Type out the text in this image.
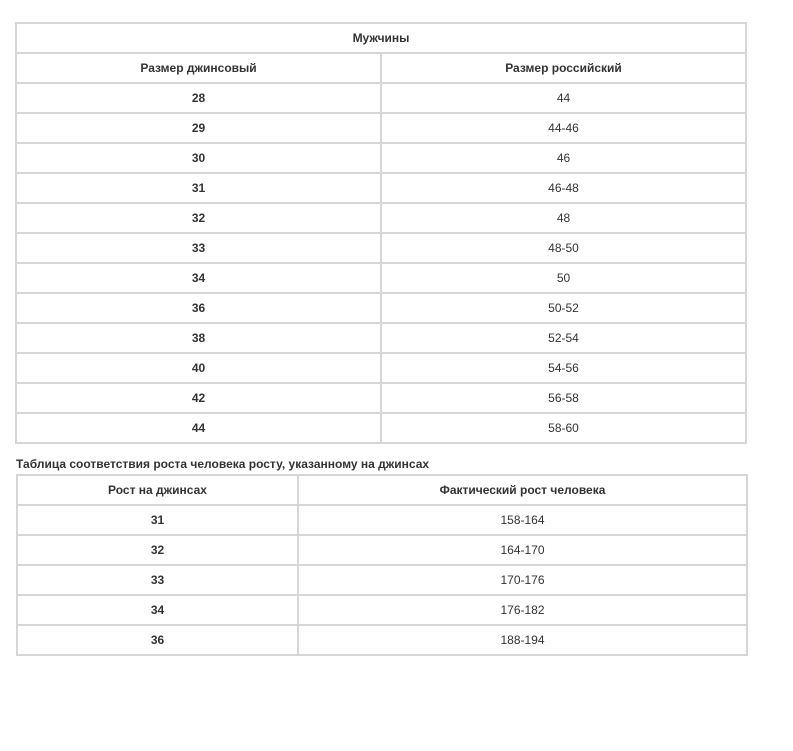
Мужчины	
Размер джинсовый	Размер российский
28	44
29	44-46
30	46
31	46-48
32	48
33	48-50
34	50
36	50-52
38	52-54
40	54-56
42	56-58
44	58-60
Таблица соответствия роста человека росту, указанному на джинсах
Рост на джинсах	Фактический рост человека
31	158-164
32	164-170
33	170-176
34	176-182
36	188-194
